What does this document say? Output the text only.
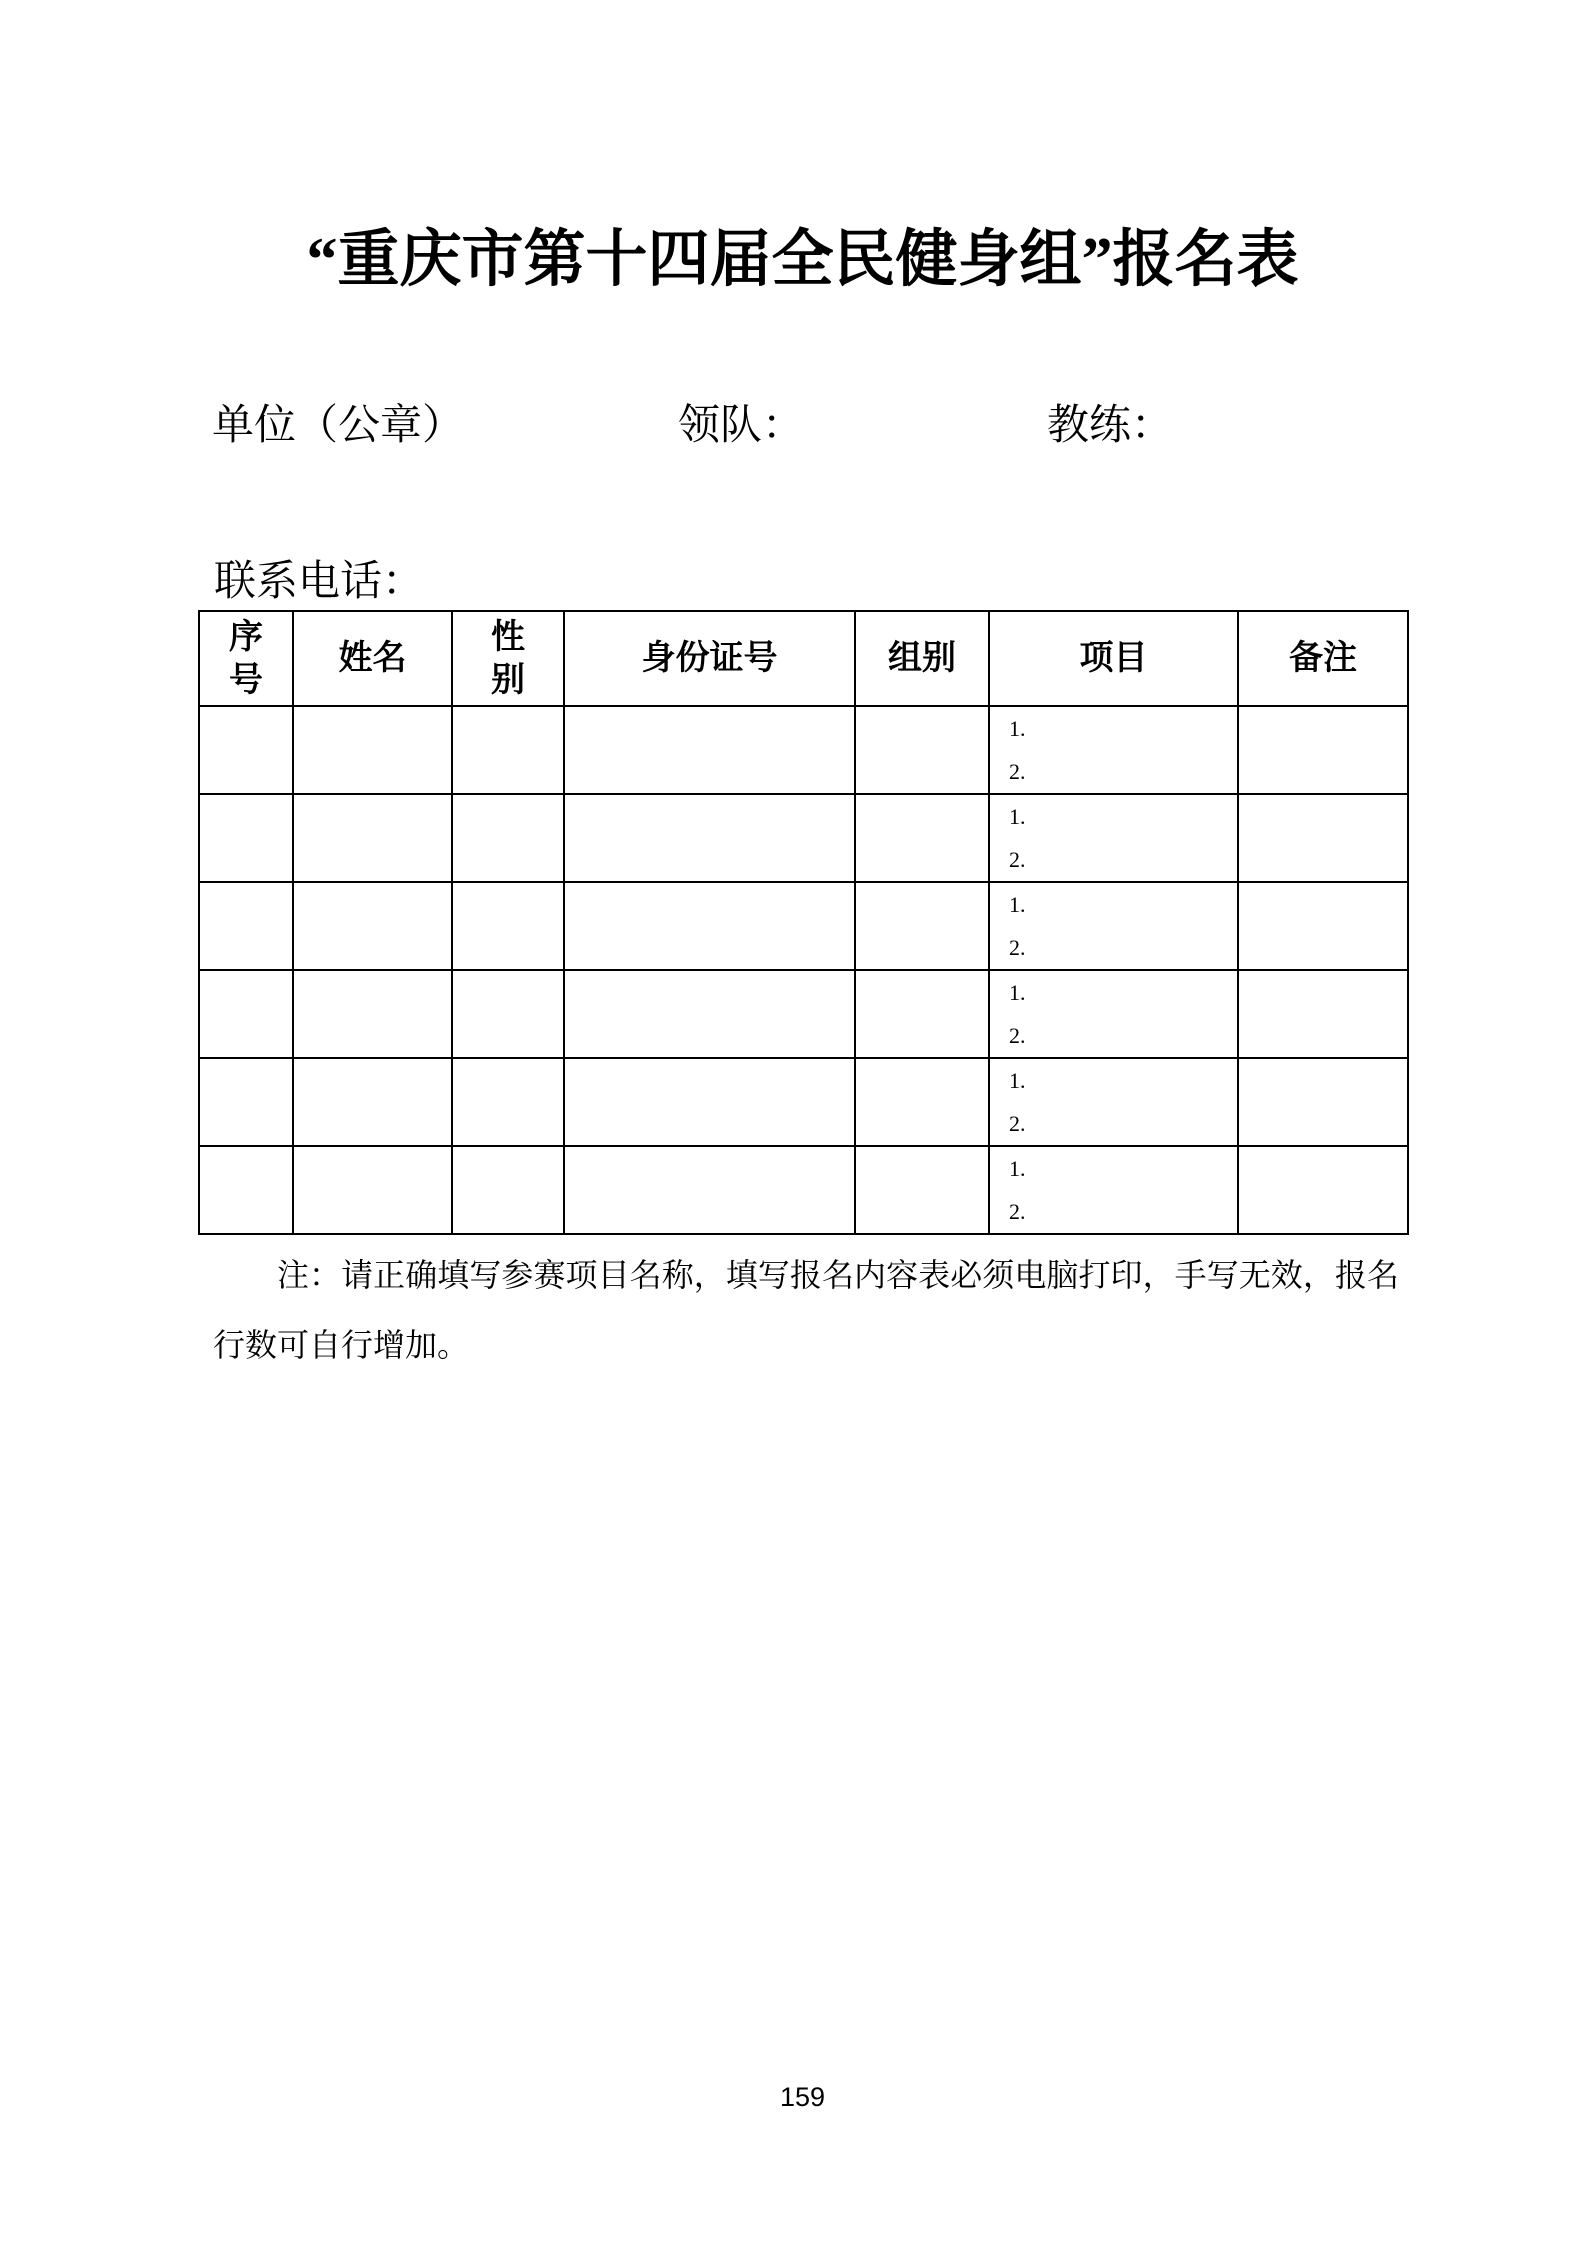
“重庆市第十四届全民健身组”报名表
单位（公章）	领队：	教练：
联系电话：
序号	姓名	性别	身份证号	组别	项目	备注

					1.
2.	

					1.
2.	

					1.
2.	

					1.
2.	

					1.
2.	

					1.
2.	

注：请正确填写参赛项目名称，填写报名内容表必须电脑打印，手写无效，报名行数可自行增加。
159
